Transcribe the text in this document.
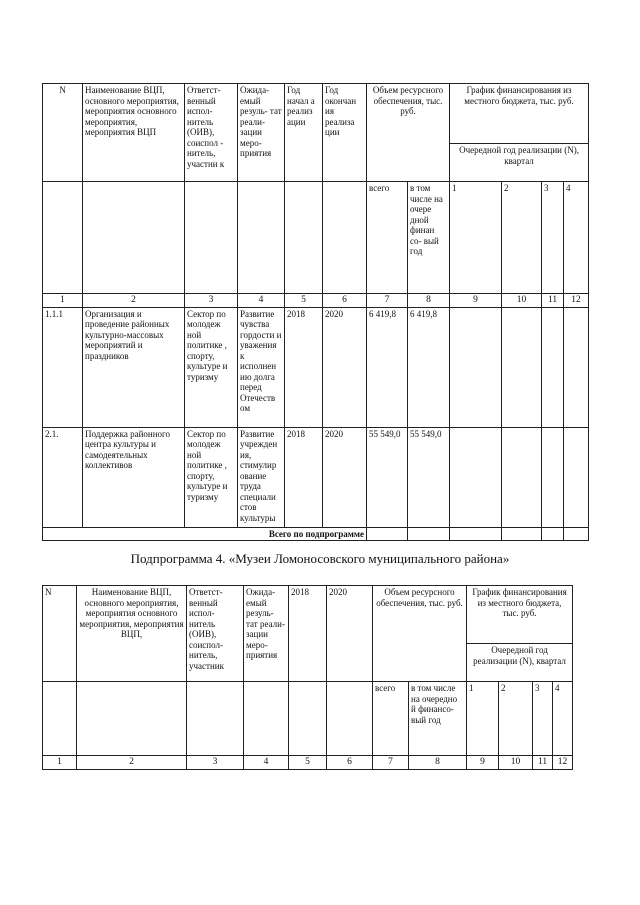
N	Наименование ВЦП, основного мероприятия, мероприятия основного мероприятия, мероприятия ВЦП	Ответст- венный испол- нитель (ОИВ), соиспол - нитель, участни к	Ожида- емый резуль- тат реали- зации меро- приятия	Год начал а реализ ации	Год окончан ия реализа ции	Объем ресурсного обеспечения, тыс. руб.		График финансирования из местного бюджета, тыс. руб.			
								Очередной год реализации (N), квартал			
						всего	в том числе на очере дной финан со- вый год	1	2	3	4
1	2	3	4	5	6	7	8	9	10	11	12
1.1.1	Организация и проведение районных культурно-массовых мероприятий и праздников	Сектор по молодеж ной политике , спорту, культуре и туризму	Развитие чувства гордости и уважения к исполнен ию долга перед Отечеств ом	2018	2020	6 419,8	6 419,8				
2.1.	Поддержка районного центра культуры и самодеятельных коллективов	Сектор по молодеж ной политике , спорту, культуре и туризму	Развитие учрежден ия, стимулир ование труда специали стов культуры	2018	2020	55 549,0	55 549,0				
Всего по подпрограмме											
Подпрограмма 4. «Музеи Ломоносовского муниципального района»
N	Наименование ВЦП, основного мероприятия, мероприятия основного мероприятия, мероприятия ВЦП,	Ответст- венный испол- нитель (ОИВ), соиспол- нитель, участник	Ожида- емый резуль- тат реали- зации меро- приятия	2018	2020	Объем ресурсного обеспечения, тыс. руб.		График финансирования из местного бюджета, тыс. руб.			
								Очередной год реализации (N), квартал			
						всего	в том числе на очередно й финансо- вый год	1	2	3	4
1	2	3	4	5	6	7	8	9	10	11	12
